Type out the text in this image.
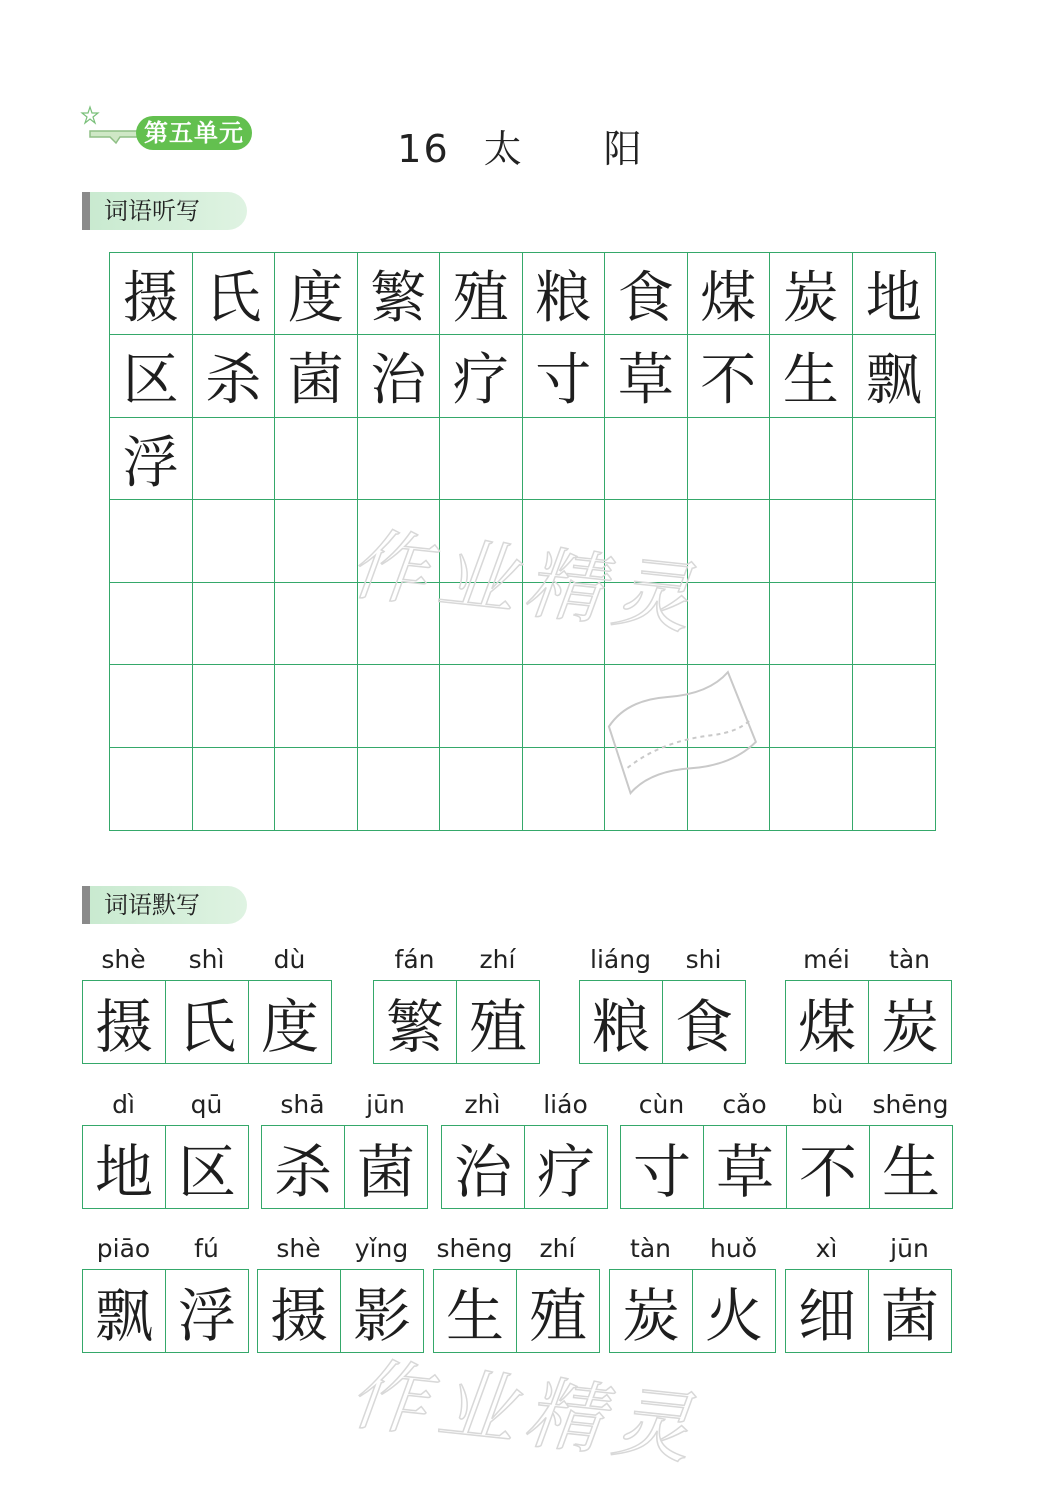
第五单元	16 太 阳
词语听写
摄 氏 度 繁 殖 粮 食 煤 炭 地
区 杀 菌 治 疗 寸 草 不 生 飘
浮
作业精灵
作业精灵
词语默写
shè	shì	dù
摄 氏 度
fán	zhí
繁 殖
liáng	shi
粮 食
méi	tàn
煤 炭
dì	qū
地 区
shā	jūn
杀 菌
zhì	liáo
治 疗
cùn	cǎo	bù	shēng
寸 草 不 生
piāo	fú
飘 浮
shè	yǐng
摄 影
shēng	zhí
生 殖
tàn	huǒ
炭 火
xì	jūn
细 菌
